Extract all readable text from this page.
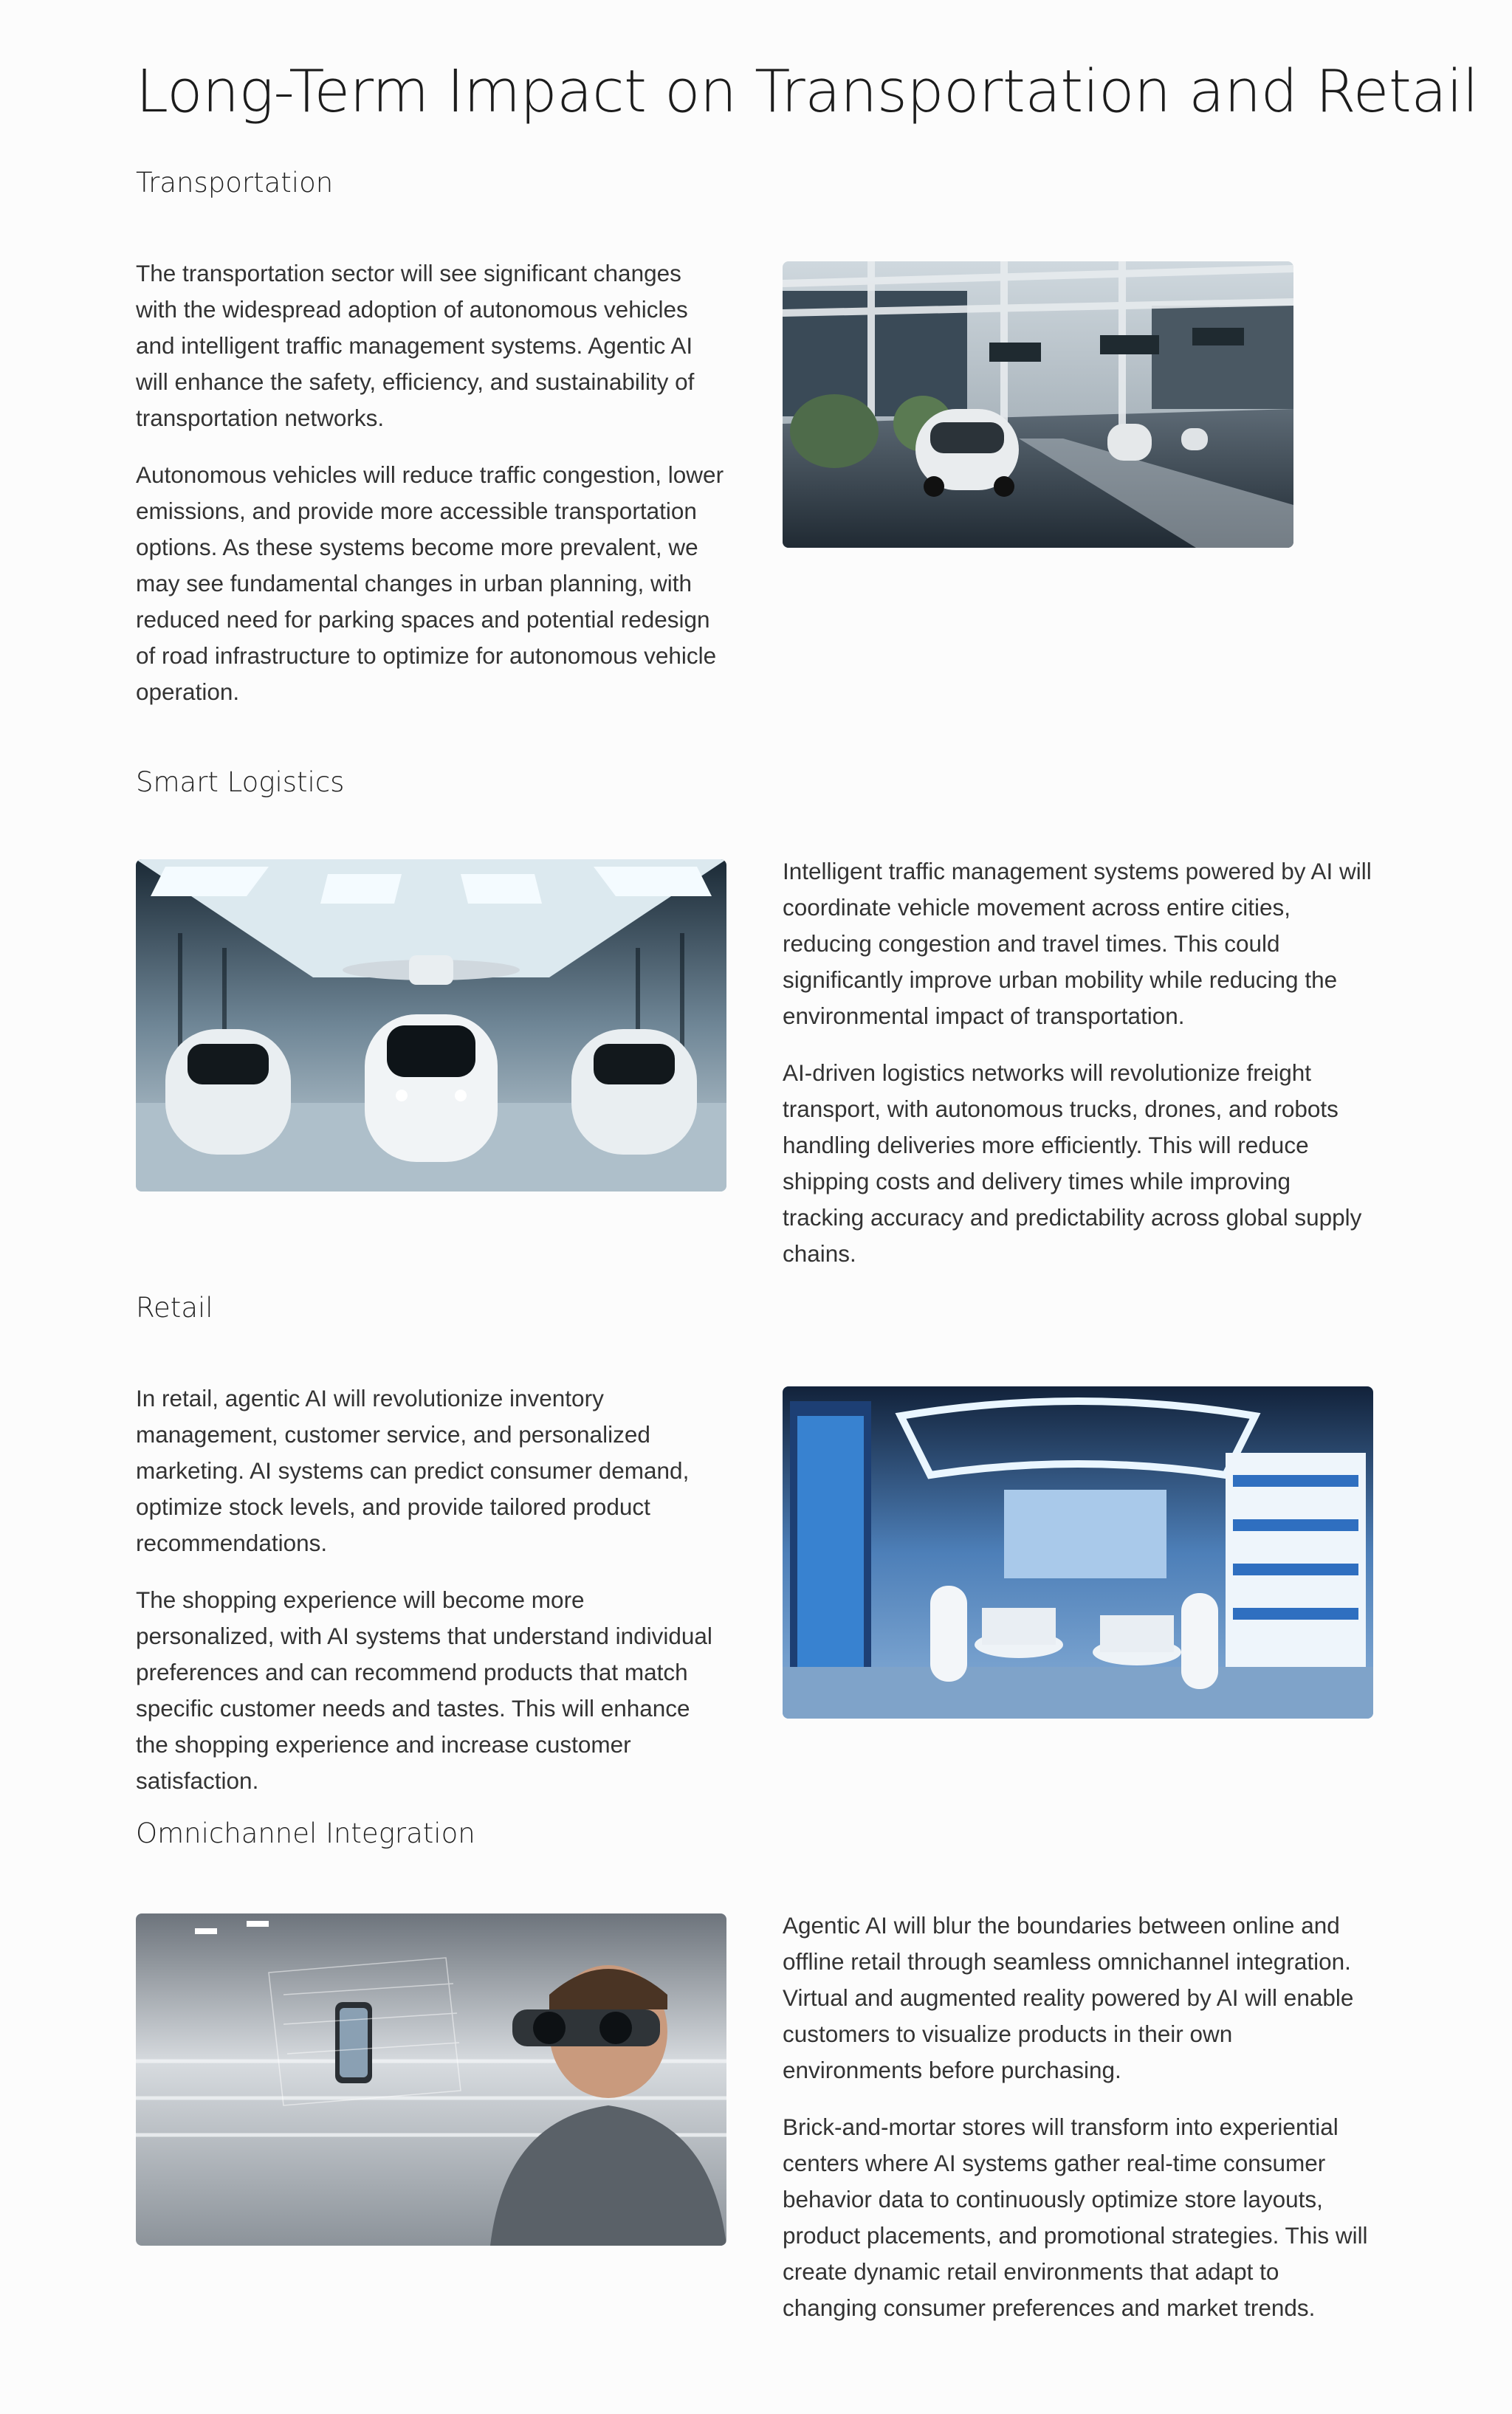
Long-Term Impact on Transportation and Retail
Transportation

The transportation sector will see significant changes with the widespread adoption of autonomous vehicles and intelligent traffic management systems. Agentic AI will enhance the safety, efficiency, and sustainability of transportation networks.

Autonomous vehicles will reduce traffic congestion, lower emissions, and provide more accessible transportation options. As these systems become more prevalent, we may see fundamental changes in urban planning, with reduced need for parking spaces and potential redesign of road infrastructure to optimize for autonomous vehicle operation.

Smart Logistics

Intelligent traffic management systems powered by AI will coordinate vehicle movement across entire cities, reducing congestion and travel times. This could significantly improve urban mobility while reducing the environmental impact of transportation.

AI-driven logistics networks will revolutionize freight transport, with autonomous trucks, drones, and robots handling deliveries more efficiently. This will reduce shipping costs and delivery times while improving tracking accuracy and predictability across global supply chains.

Retail

In retail, agentic AI will revolutionize inventory management, customer service, and personalized marketing. AI systems can predict consumer demand, optimize stock levels, and provide tailored product recommendations.

The shopping experience will become more personalized, with AI systems that understand individual preferences and can recommend products that match specific customer needs and tastes. This will enhance the shopping experience and increase customer satisfaction.

Omnichannel Integration

Agentic AI will blur the boundaries between online and offline retail through seamless omnichannel integration. Virtual and augmented reality powered by AI will enable customers to visualize products in their own environments before purchasing.

Brick-and-mortar stores will transform into experiential centers where AI systems gather real-time consumer behavior data to continuously optimize store layouts, product placements, and promotional strategies. This will create dynamic retail environments that adapt to changing consumer preferences and market trends.
